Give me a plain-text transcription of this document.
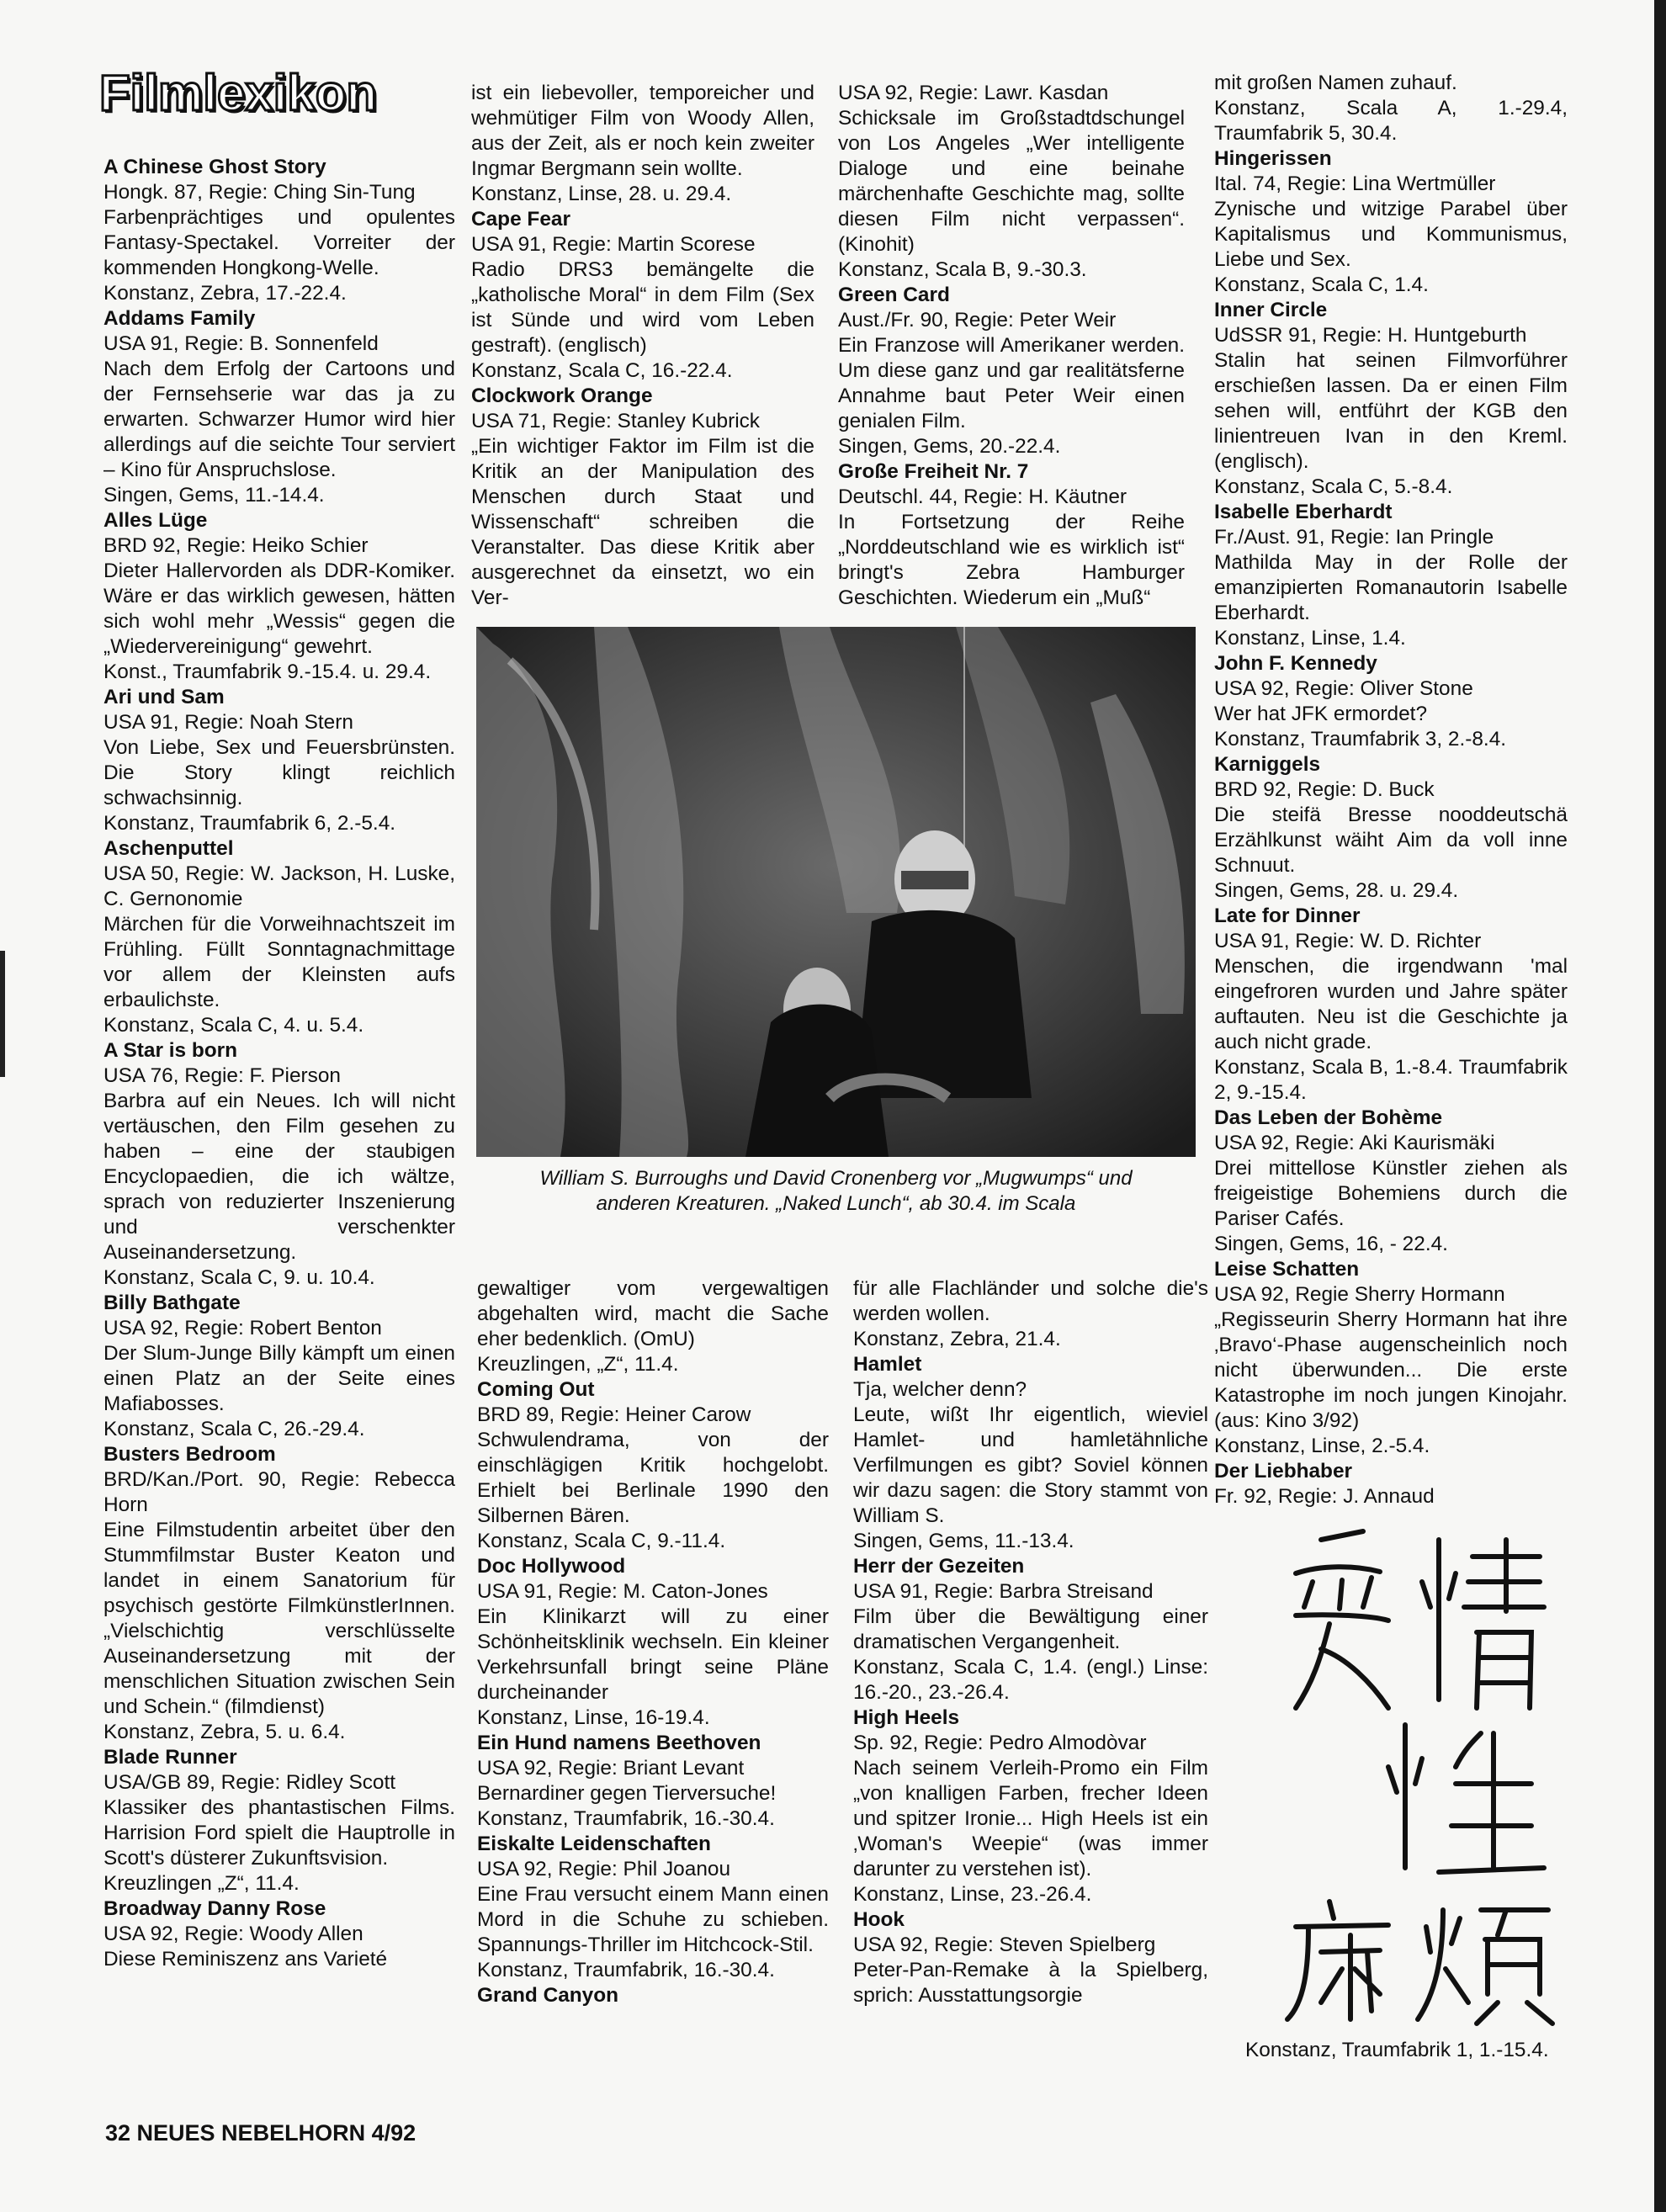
Filmlexikon
A Chinese Ghost Story
Hongk. 87, Regie: Ching Sin-Tung
Farbenprächtiges und opulentes Fantasy-Spectakel. Vorreiter der kommenden Hongkong-Welle.
Konstanz, Zebra, 17.-22.4.
Addams Family
USA 91, Regie: B. Sonnenfeld
Nach dem Erfolg der Cartoons und der Fernsehserie war das ja zu erwarten. Schwarzer Humor wird hier allerdings auf die seichte Tour serviert – Kino für Anspruchslose.
Singen, Gems, 11.-14.4.
Alles Lüge
BRD 92, Regie: Heiko Schier
Dieter Hallervorden als DDR-Komiker. Wäre er das wirklich gewesen, hätten sich wohl mehr „Wessis“ gegen die „Wiedervereinigung“ gewehrt.
Konst., Traumfabrik 9.-15.4. u. 29.4.
Ari und Sam
USA 91, Regie: Noah Stern
Von Liebe, Sex und Feuersbrünsten. Die Story klingt reichlich schwachsinnig.
Konstanz, Traumfabrik 6, 2.-5.4.
Aschenputtel
USA 50, Regie: W. Jackson, H. Luske, C. Gernonomie
Märchen für die Vorweihnachtszeit im Frühling. Füllt Sonntagnachmittage vor allem der Kleinsten aufs erbaulichste.
Konstanz, Scala C, 4. u. 5.4.
A Star is born
USA 76, Regie: F. Pierson
Barbra auf ein Neues. Ich will nicht vertäuschen, den Film gesehen zu haben – eine der staubigen Encyclopaedien, die ich wältze, sprach von reduzierter Inszenierung und verschenkter Auseinandersetzung.
Konstanz, Scala C, 9. u. 10.4.
Billy Bathgate
USA 92, Regie: Robert Benton
Der Slum-Junge Billy kämpft um einen einen Platz an der Seite eines Mafiabosses.
Konstanz, Scala C, 26.-29.4.
Busters Bedroom
BRD/Kan./Port. 90, Regie: Rebecca Horn
Eine Filmstudentin arbeitet über den Stummfilmstar Buster Keaton und landet in einem Sanatorium für psychisch gestörte FilmkünstlerInnen. „Vielschichtig verschlüsselte Auseinandersetzung mit der menschlichen Situation zwischen Sein und Schein.“ (filmdienst)
Konstanz, Zebra, 5. u. 6.4.
Blade Runner
USA/GB 89, Regie: Ridley Scott
Klassiker des phantastischen Films. Harrision Ford spielt die Hauptrolle in Scott's düsterer Zukunftsvision.
Kreuzlingen „Z“, 11.4.
Broadway Danny Rose
USA 92, Regie: Woody Allen
Diese Reminiszenz ans Varieté
ist ein liebevoller, temporeicher und wehmütiger Film von Woody Allen, aus der Zeit, als er noch kein zweiter Ingmar Bergmann sein wollte.
Konstanz, Linse, 28. u. 29.4.
Cape Fear
USA 91, Regie: Martin Scorese
Radio DRS3 bemängelte die „katholische Moral“ in dem Film (Sex ist Sünde und wird vom Leben gestraft). (englisch)
Konstanz, Scala C, 16.-22.4.
Clockwork Orange
USA 71, Regie: Stanley Kubrick
„Ein wichtiger Faktor im Film ist die Kritik an der Manipulation des Menschen durch Staat und Wissenschaft“ schreiben die Veranstalter. Das diese Kritik aber ausgerechnet da einsetzt, wo ein Ver-
USA 92, Regie: Lawr. Kasdan
Schicksale im Großstadtdschungel von Los Angeles „Wer intelligente Dialoge und eine beinahe märchenhafte Geschichte mag, sollte diesen Film nicht verpassen“. (Kinohit)
Konstanz, Scala B, 9.-30.3.
Green Card
Aust./Fr. 90, Regie: Peter Weir
Ein Franzose will Amerikaner werden. Um diese ganz und gar realitätsferne Annahme baut Peter Weir einen genialen Film.
Singen, Gems, 20.-22.4.
Große Freiheit Nr. 7
Deutschl. 44, Regie: H. Käutner
In Fortsetzung der Reihe „Norddeutschland wie es wirklich ist“ bringt's Zebra Hamburger Geschichten. Wiederum ein „Muß“
mit großen Namen zuhauf.
Konstanz, Scala A, 1.-29.4, Traumfabrik 5, 30.4.
Hingerissen
Ital. 74, Regie: Lina Wertmüller
Zynische und witzige Parabel über Kapitalismus und Kommunismus, Liebe und Sex.
Konstanz, Scala C, 1.4.
Inner Circle
UdSSR 91, Regie: H. Huntgeburth
Stalin hat seinen Filmvorführer erschießen lassen. Da er einen Film sehen will, entführt der KGB den linientreuen Ivan in den Kreml. (englisch).
Konstanz, Scala C, 5.-8.4.
Isabelle Eberhardt
Fr./Aust. 91, Regie: Ian Pringle
Mathilda May in der Rolle der emanzipierten Romanautorin Isabelle Eberhardt.
Konstanz, Linse, 1.4.
John F. Kennedy
USA 92, Regie: Oliver Stone
Wer hat JFK ermordet?
Konstanz, Traumfabrik 3, 2.-8.4.
Karniggels
BRD 92, Regie: D. Buck
Die steifä Bresse nooddeutschä Erzählkunst wäiht Aim da voll inne Schnuut.
Singen, Gems, 28. u. 29.4.
Late for Dinner
USA 91, Regie: W. D. Richter
Menschen, die irgendwann 'mal eingefroren wurden und Jahre später auftauten. Neu ist die Geschichte ja auch nicht grade.
Konstanz, Scala B, 1.-8.4. Traumfabrik 2, 9.-15.4.
Das Leben der Bohème
USA 92, Regie: Aki Kaurismäki
Drei mittellose Künstler ziehen als freigeistige Bohemiens durch die Pariser Cafés.
Singen, Gems, 16, - 22.4.
Leise Schatten
USA 92, Regie Sherry Hormann
„Regisseurin Sherry Hormann hat ihre ‚Bravo‘-Phase augenscheinlich noch nicht überwunden... Die erste Katastrophe im noch jungen Kinojahr. (aus: Kino 3/92)
Konstanz, Linse, 2.-5.4.
Der Liebhaber
Fr. 92, Regie: J. Annaud
William S. Burroughs und David Cronenberg vor „Mugwumps“ und
anderen Kreaturen. „Naked Lunch“, ab 30.4. im Scala
gewaltiger vom vergewaltigen abgehalten wird, macht die Sache eher bedenklich. (OmU)
Kreuzlingen, „Z“, 11.4.
Coming Out
BRD 89, Regie: Heiner Carow
Schwulendrama, von der einschlägigen Kritik hochgelobt. Erhielt bei Berlinale 1990 den Silbernen Bären.
Konstanz, Scala C, 9.-11.4.
Doc Hollywood
USA 91, Regie: M. Caton-Jones
Ein Klinikarzt will zu einer Schönheitsklinik wechseln. Ein kleiner Verkehrsunfall bringt seine Pläne durcheinander
Konstanz, Linse, 16-19.4.
Ein Hund namens Beethoven
USA 92, Regie: Briant Levant
Bernardiner gegen Tierversuche!
Konstanz, Traumfabrik, 16.-30.4.
Eiskalte Leidenschaften
USA 92, Regie: Phil Joanou
Eine Frau versucht einem Mann einen Mord in die Schuhe zu schieben. Spannungs-Thriller im Hitchcock-Stil.
Konstanz, Traumfabrik, 16.-30.4.
Grand Canyon
für alle Flachländer und solche die's werden wollen.
Konstanz, Zebra, 21.4.
Hamlet
Tja, welcher denn?
Leute, wißt Ihr eigentlich, wieviel Hamlet- und hamletähnliche Verfilmungen es gibt? Soviel können wir dazu sagen: die Story stammt von William S.
Singen, Gems, 11.-13.4.
Herr der Gezeiten
USA 91, Regie: Barbra Streisand
Film über die Bewältigung einer dramatischen Vergangenheit.
Konstanz, Scala C, 1.4. (engl.) Linse: 16.-20., 23.-26.4.
High Heels
Sp. 92, Regie: Pedro Almodòvar
Nach seinem Verleih-Promo ein Film „von knalligen Farben, frecher Ideen und spitzer Ironie... High Heels ist ein ‚Woman's Weepie“ (was immer darunter zu verstehen ist).
Konstanz, Linse, 23.-26.4.
Hook
USA 92, Regie: Steven Spielberg
Peter-Pan-Remake à la Spielberg, sprich: Ausstattungsorgie
Konstanz, Traumfabrik 1, 1.-15.4.
32 NEUES NEBELHORN 4/92
